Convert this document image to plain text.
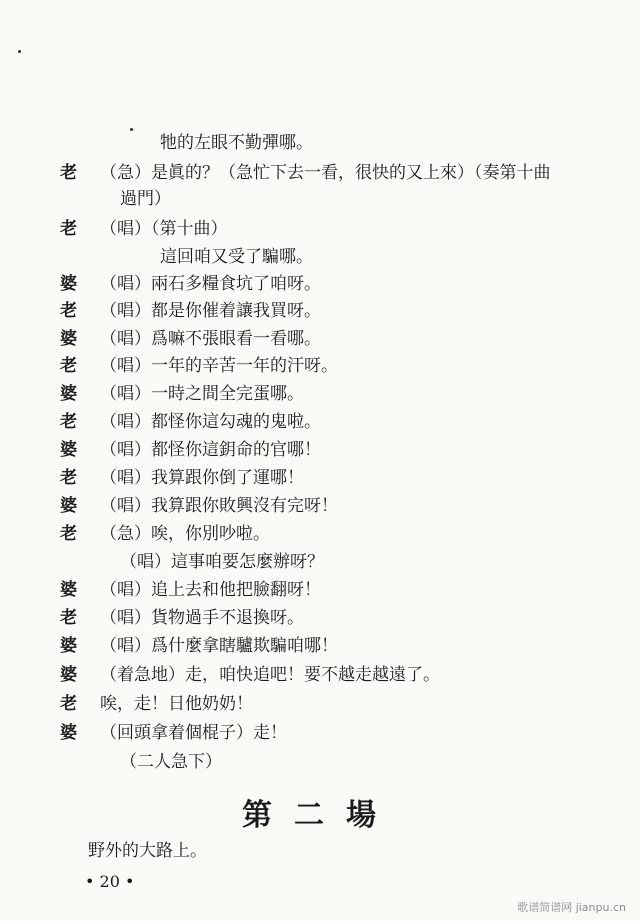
牠的左眼不勤彈哪。
老 （急）是眞的？（急忙下去一看，很快的又上來）（奏第十曲
過門）
老 （唱）（第十曲）
這回咱又受了騙哪。
婆 （唱）兩石多糧食坑了咱呀。
老 （唱）都是你催着讓我買呀。
婆 （唱）爲嘛不張眼看一看哪。
老 （唱）一年的辛苦一年的汗呀。
婆 （唱）一時之間全完蛋哪。
老 （唱）都怪你這勾魂的鬼啦。
婆 （唱）都怪你這鈅命的官哪！
老 （唱）我算跟你倒了運哪！
婆 （唱）我算跟你敗興沒有完呀！
老 （急）唉，你別吵啦。
（唱）這事咱要怎麼辦呀？
婆 （唱）追上去和他把臉翻呀！
老 （唱）貨物過手不退換呀。
婆 （唱）爲什麼拿瞎驢欺騙咱哪！
婆 （着急地）走，咱快追吧！要不越走越遠了。
老 唉，走！日他奶奶！
婆 （回頭拿着個棍子）走！
（二人急下）
第二場
野外的大路上。
• 20 •
歌谱简谱网 jianpu.cn
